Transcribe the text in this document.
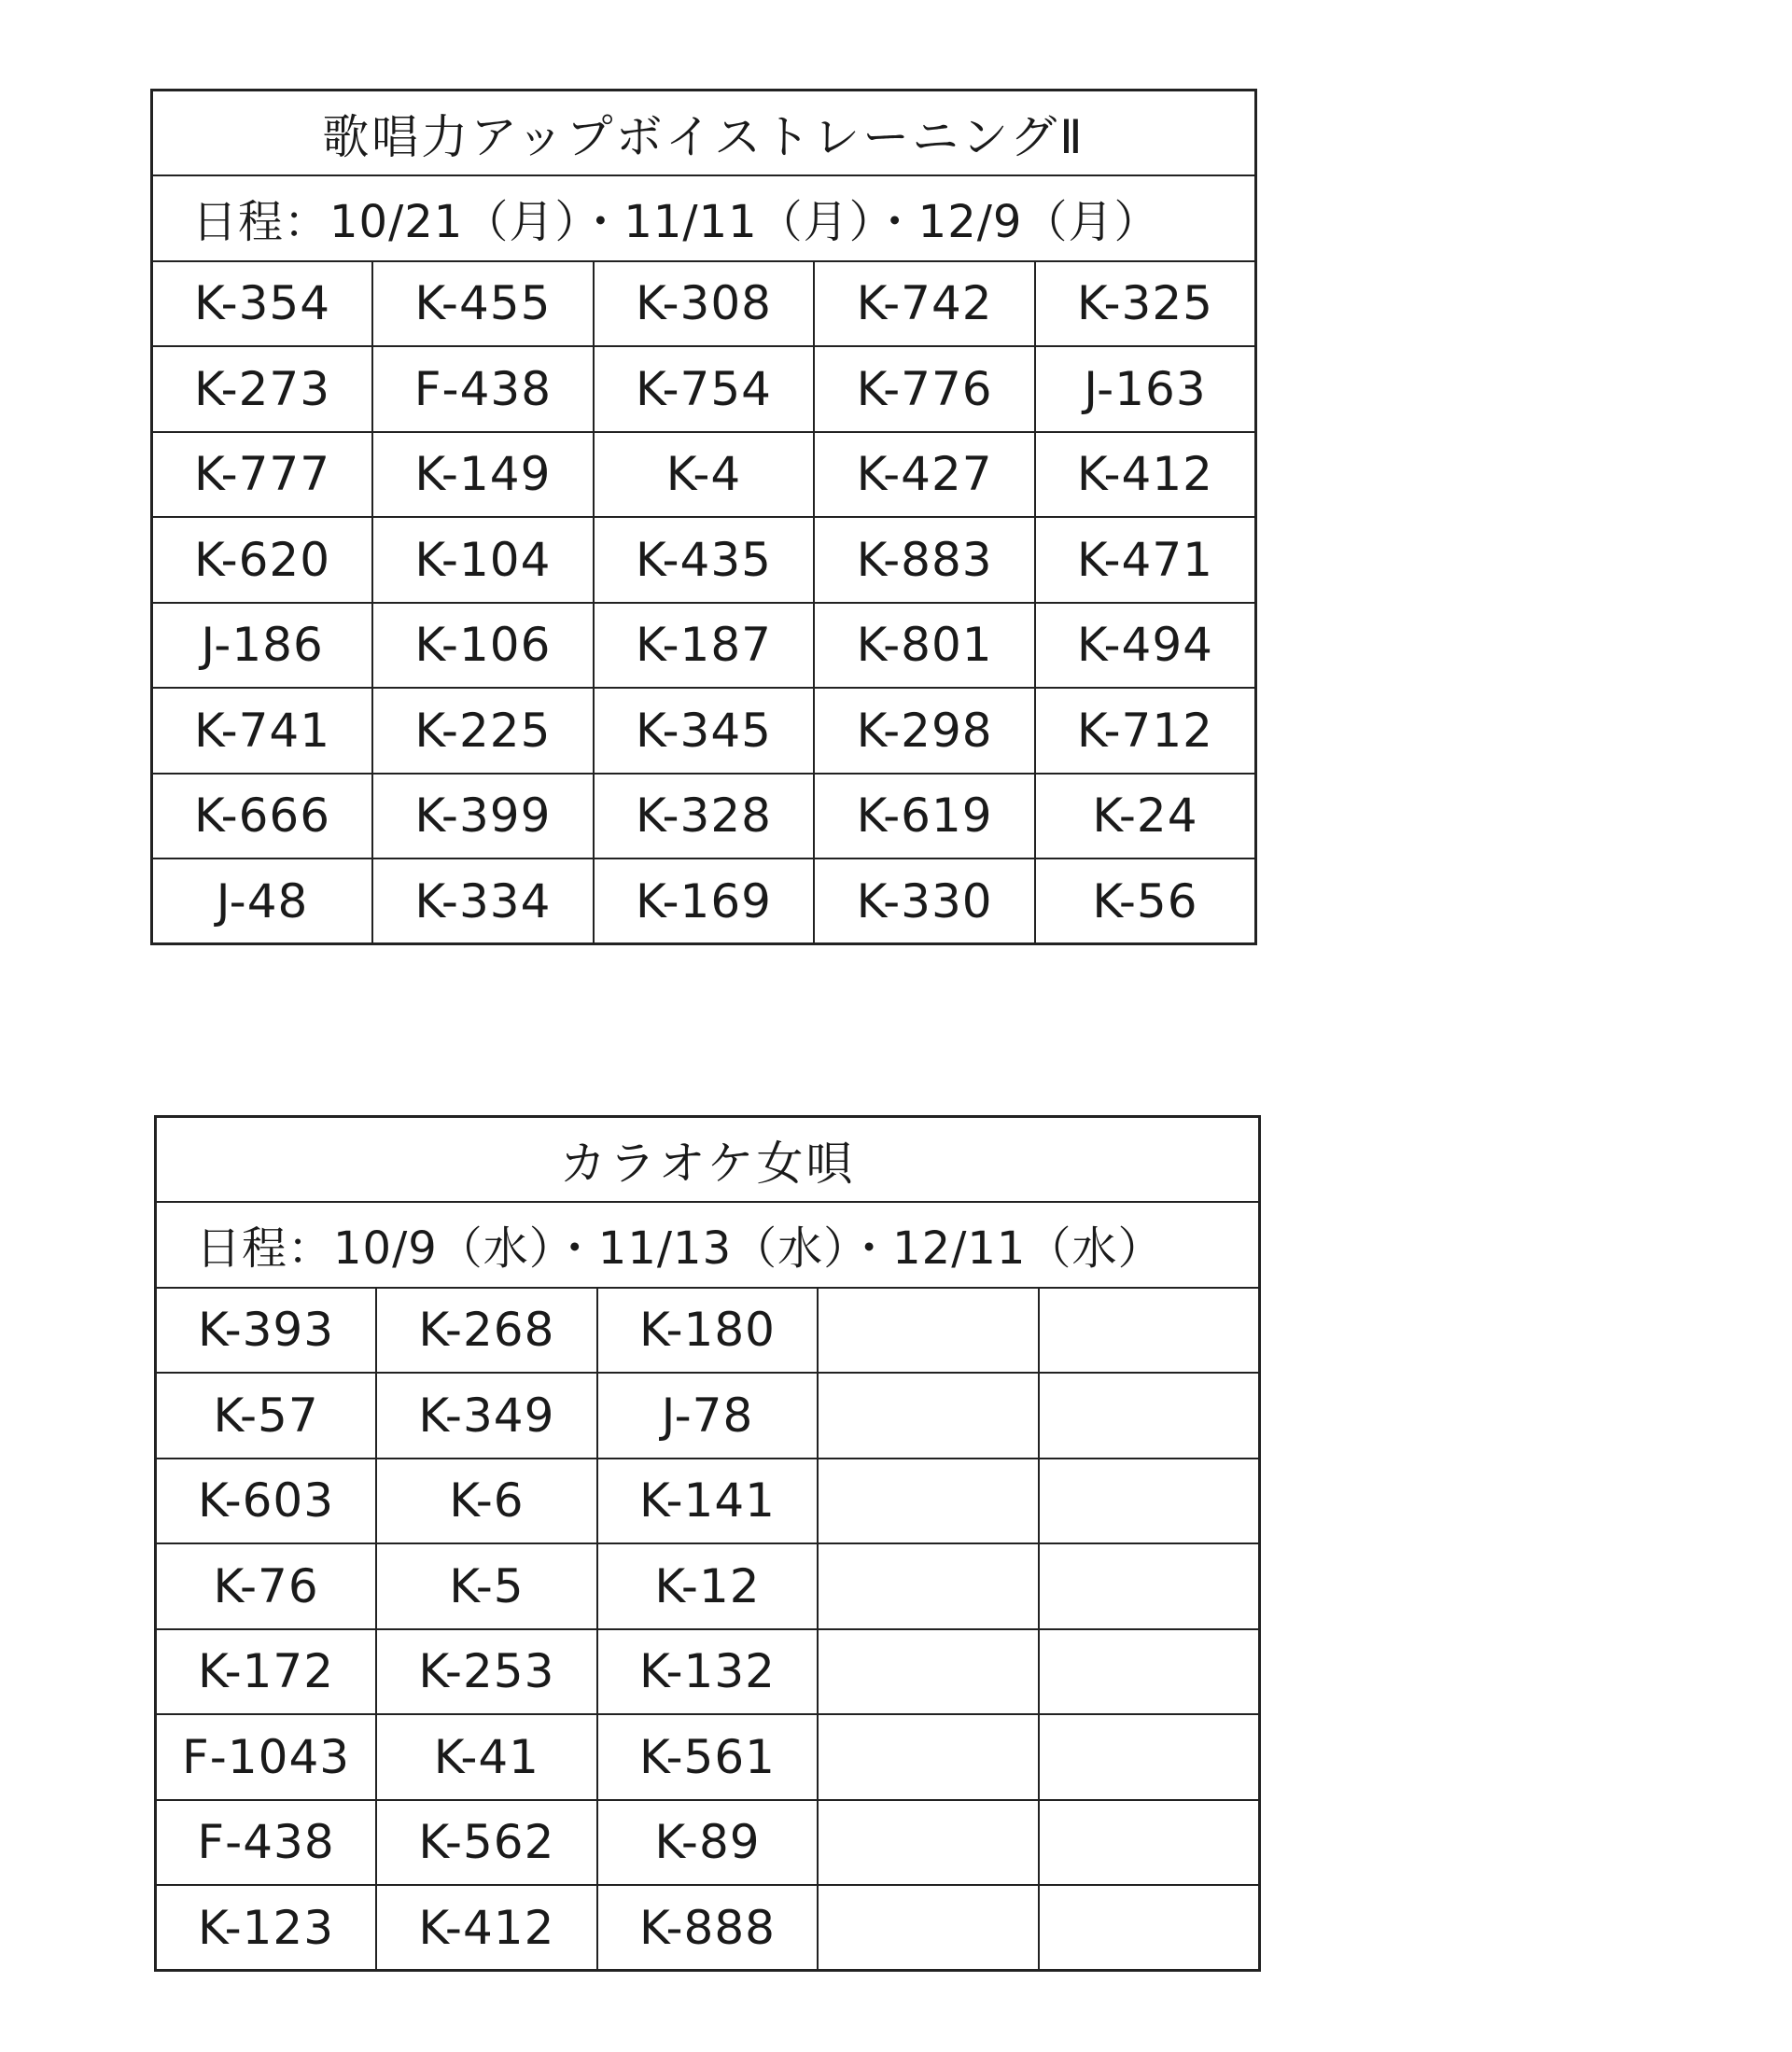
歌唱力アップボイストレーニングⅡ				
日程：10/21（月）・11/11（月）・12/9（月）				
K-354	K-455	K-308	K-742	K-325
K-273	F-438	K-754	K-776	J-163
K-777	K-149	K-4	K-427	K-412
K-620	K-104	K-435	K-883	K-471
J-186	K-106	K-187	K-801	K-494
K-741	K-225	K-345	K-298	K-712
K-666	K-399	K-328	K-619	K-24
J-48	K-334	K-169	K-330	K-56
カラオケ女唄				
日程：10/9（水）・11/13（水）・12/11（水）				
K-393	K-268	K-180		
K-57	K-349	J-78		
K-603	K-6	K-141		
K-76	K-5	K-12		
K-172	K-253	K-132		
F-1043	K-41	K-561		
F-438	K-562	K-89		
K-123	K-412	K-888		
